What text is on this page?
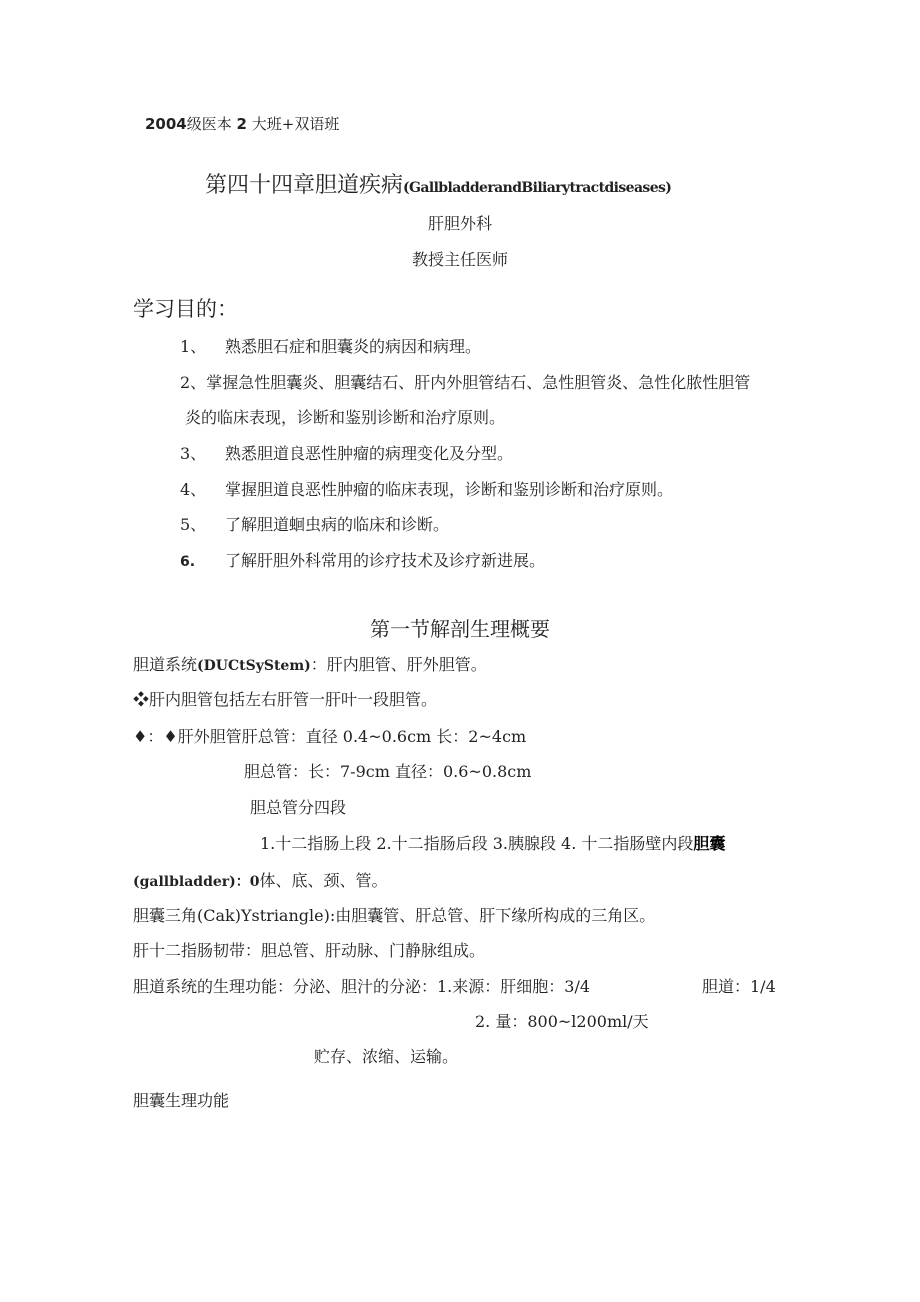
2004级医本 2 大班+双语班
第四十四章胆道疾病(GallbladderandBiliarytractdiseases)
肝胆外科
教授主任医师
学习目的：
1、 熟悉胆石症和胆囊炎的病因和病理。
2、掌握急性胆囊炎、胆囊结石、肝内外胆管结石、急性胆管炎、急性化脓性胆管
炎的临床表现，诊断和鉴别诊断和治疗原则。
3、 熟悉胆道良恶性肿瘤的病理变化及分型。
4、 掌握胆道良恶性肿瘤的临床表现，诊断和鉴别诊断和治疗原则。
5、 了解胆道蛔虫病的临床和诊断。
6. 了解肝胆外科常用的诊疗技术及诊疗新进展。
第一节解剖生理概要
胆道系统(DUCtSyStem)：肝内胆管、肝外胆管。
❖肝内胆管包括左右肝管一肝叶一段胆管。
♦：♦肝外胆管肝总管：直径 0.4~0.6cm 长：2~4cm
胆总管：长：7-9cm 直径：0.6~0.8cm
胆总管分四段
1.十二指肠上段 2.十二指肠后段 3.胰腺段 4. 十二指肠壁内段胆囊
(gallbladder)：0体、底、颈、管。
胆囊三角(Cak)Ystriangle):由胆囊管、肝总管、肝下缘所构成的三角区。
肝十二指肠韧带：胆总管、肝动脉、门静脉组成。
胆道系统的生理功能：分泌、胆汁的分泌：1.来源：肝细胞：3/4	胆道：1/4
2. 量：800~l200ml/天
贮存、浓缩、运输。
胆囊生理功能
